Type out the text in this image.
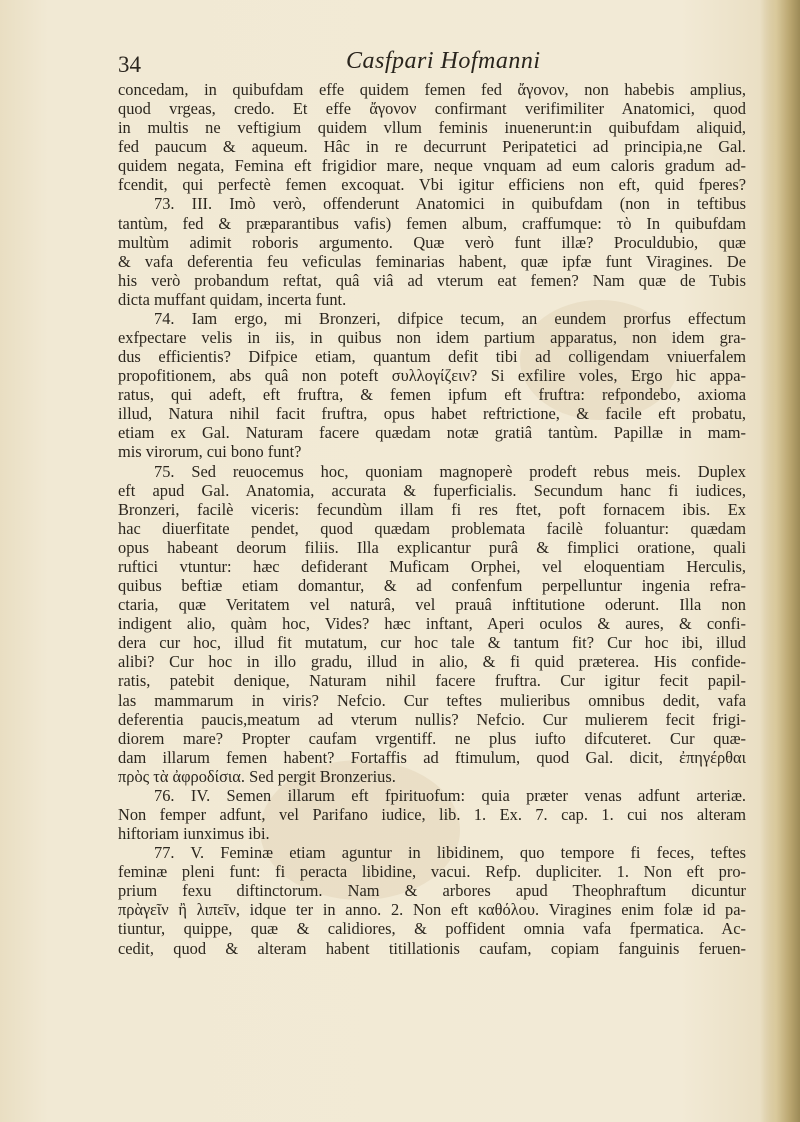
34	Casfpari Hofmanni
concedam, in quibufdam effe quidem femen fed ἄγονον, non habebis amplius,
quod vrgeas, credo. Et effe ἄγονον confirmant verifimiliter Anatomici, quod
in multis ne veftigium quidem vllum feminis inuenerunt:in quibufdam aliquid,
fed paucum & aqueum. Hâc in re decurrunt Peripatetici ad principia,ne Gal.
quidem negata, Femina eft frigidior mare, neque vnquam ad eum caloris gradum ad-
fcendit, qui perfectè femen excoquat. Vbi igitur efficiens non eft, quid fperes?
73. III. Imò verò, offenderunt Anatomici in quibufdam (non in teftibus
tantùm, fed & præparantibus vafis) femen album, craffumque: τὸ In quibufdam
multùm adimit roboris argumento. Quæ verò funt illæ? Proculdubio, quæ
& vafa deferentia feu veficulas feminarias habent, quæ ipfæ funt Viragines. De
his verò probandum reftat, quâ viâ ad vterum eat femen? Nam quæ de Tubis
dicta muffant quidam, incerta funt.
74. Iam ergo, mi Bronzeri, difpice tecum, an eundem prorfus effectum
exfpectare velis in iis, in quibus non idem partium apparatus, non idem gra-
dus efficientis? Difpice etiam, quantum defit tibi ad colligendam vniuerfalem
propofitionem, abs quâ non poteft συλλογίζειν? Si exfilire voles, Ergo hic appa-
ratus, qui adeft, eft fruftra, & femen ipfum eft fruftra: refpondebo, axioma
illud, Natura nihil facit fruftra, opus habet reftrictione, & facile eft probatu,
etiam ex Gal. Naturam facere quædam notæ gratiâ tantùm. Papillæ in mam-
mis virorum, cui bono funt?
75. Sed reuocemus hoc, quoniam magnoperè prodeft rebus meis. Duplex
eft apud Gal. Anatomia, accurata & fuperficialis. Secundum hanc fi iudices,
Bronzeri, facilè viceris: fecundùm illam fi res ftet, poft fornacem ibis. Ex
hac diuerfitate pendet, quod quædam problemata facilè foluantur: quædam
opus habeant deorum filiis. Illa explicantur purâ & fimplici oratione, quali
ruftici vtuntur: hæc defiderant Muficam Orphei, vel eloquentiam Herculis,
quibus beftiæ etiam domantur, & ad confenfum perpelluntur ingenia refra-
ctaria, quæ Veritatem vel naturâ, vel prauâ inftitutione oderunt. Illa non
indigent alio, quàm hoc, Vides? hæc inftant, Aperi oculos & aures, & confi-
dera cur hoc, illud fit mutatum, cur hoc tale & tantum fit? Cur hoc ibi, illud
alibi? Cur hoc in illo gradu, illud in alio, & fi quid præterea. His confide-
ratis, patebit denique, Naturam nihil facere fruftra. Cur igitur fecit papil-
las mammarum in viris? Nefcio. Cur teftes mulieribus omnibus dedit, vafa
deferentia paucis,meatum ad vterum nullis? Nefcio. Cur mulierem fecit frigi-
diorem mare? Propter caufam vrgentiff. ne plus iufto difcuteret. Cur quæ-
dam illarum femen habent? Fortaffis ad ftimulum, quod Gal. dicit, ἐπηγέρθαι
πρὸς τὰ ἀφροδίσια. Sed pergit Bronzerius.
76. IV. Semen illarum eft fpirituofum: quia præter venas adfunt arteriæ.
Non femper adfunt, vel Parifano iudice, lib. 1. Ex. 7. cap. 1. cui nos alteram
hiftoriam iunximus ibi.
77. V. Feminæ etiam aguntur in libidinem, quo tempore fi feces, teftes
feminæ pleni funt: fi peracta libidine, vacui. Refp. dupliciter. 1. Non eft pro-
prium fexu diftinctorum. Nam & arbores apud Theophraftum dicuntur
πρὰγεῖν ἢ λιπεῖν, idque ter in anno. 2. Non eft καθόλου. Viragines enim folæ id pa-
tiuntur, quippe, quæ & calidiores, & poffident omnia vafa fpermatica. Ac-
cedit, quod & alteram habent titillationis caufam, copiam fanguinis feruen-
